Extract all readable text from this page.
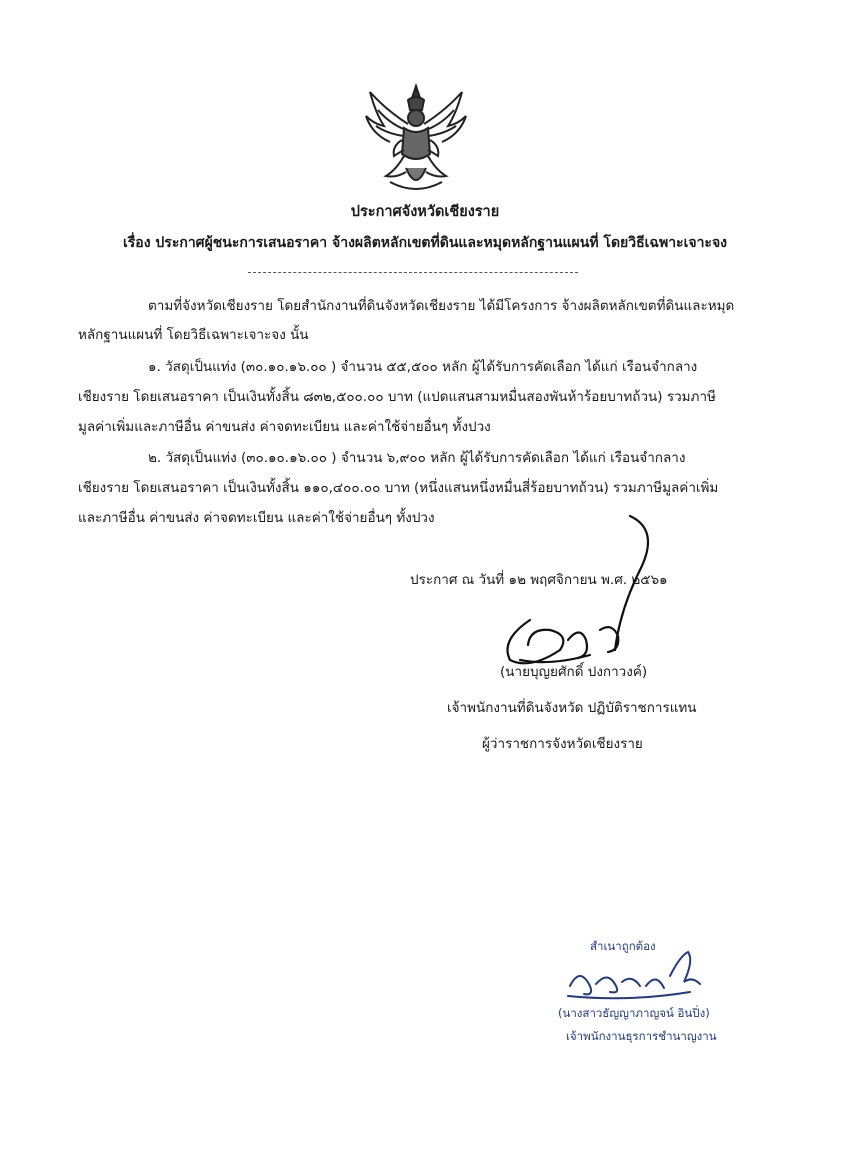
ประกาศจังหวัดเชียงราย
เรื่อง ประกาศผู้ชนะการเสนอราคา จ้างผลิตหลักเขตที่ดินและหมุดหลักฐานแผนที่ โดยวิธีเฉพาะเจาะจง
ตามที่จังหวัดเชียงราย โดยสำนักงานที่ดินจังหวัดเชียงราย ได้มีโครงการ จ้างผลิตหลักเขตที่ดินและหมุด
หลักฐานแผนที่ โดยวิธีเฉพาะเจาะจง นั้น
๑. วัสดุเป็นแท่ง (๓๐.๑๐.๑๖.๐๐ ) จำนวน ๕๕,๕๐๐ หลัก ผู้ได้รับการคัดเลือก ได้แก่ เรือนจำกลาง
เชียงราย โดยเสนอราคา เป็นเงินทั้งสิ้น ๘๓๒,๕๐๐.๐๐ บาท (แปดแสนสามหมื่นสองพันห้าร้อยบาทถ้วน) รวมภาษี
มูลค่าเพิ่มและภาษีอื่น ค่าขนส่ง ค่าจดทะเบียน และค่าใช้จ่ายอื่นๆ ทั้งปวง
๒. วัสดุเป็นแท่ง (๓๐.๑๐.๑๖.๐๐ ) จำนวน ๖,๙๐๐ หลัก ผู้ได้รับการคัดเลือก ได้แก่ เรือนจำกลาง
เชียงราย โดยเสนอราคา เป็นเงินทั้งสิ้น ๑๑๐,๔๐๐.๐๐ บาท (หนึ่งแสนหนึ่งหมื่นสี่ร้อยบาทถ้วน) รวมภาษีมูลค่าเพิ่ม
และภาษีอื่น ค่าขนส่ง ค่าจดทะเบียน และค่าใช้จ่ายอื่นๆ ทั้งปวง
ประกาศ ณ วันที่ ๑๒ พฤศจิกายน พ.ศ. ๒๕๖๑
(นายบุญยศักดิ์ ปงกาวงค์)
เจ้าพนักงานที่ดินจังหวัด ปฏิบัติราชการแทน
ผู้ว่าราชการจังหวัดเชียงราย
สำเนาถูกต้อง
(นางสาวธัญญาภาญจน์ อินปิ่ง)
เจ้าพนักงานธุรการชำนาญงาน
